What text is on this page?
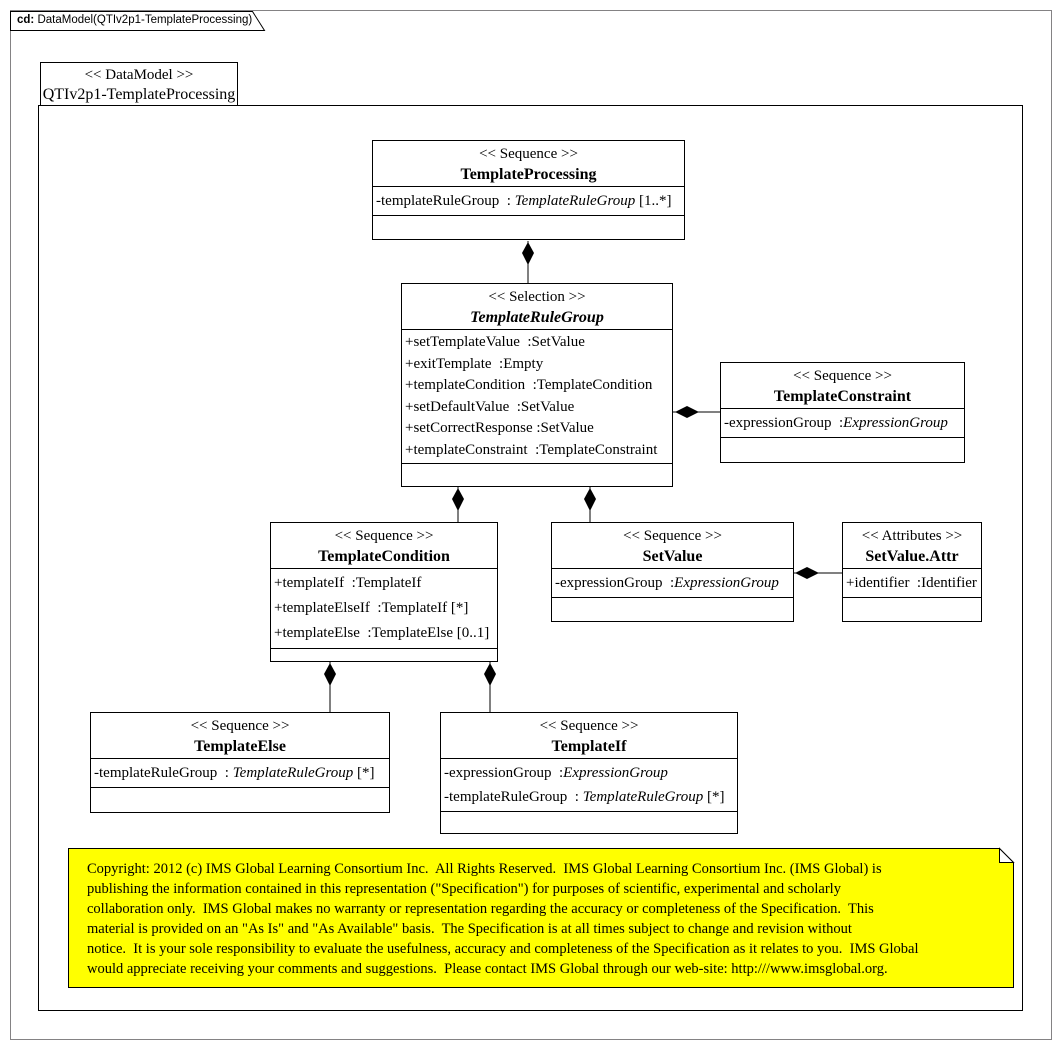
cd: DataModel(QTIv2p1-TemplateProcessing)
<< DataModel >>
QTIv2p1-TemplateProcessing
<< Sequence >>
TemplateProcessing
-templateRuleGroup  : TemplateRuleGroup [1..*]
<< Selection >>
TemplateRuleGroup
+setTemplateValue  :SetValue
+exitTemplate  :Empty
+templateCondition  :TemplateCondition
+setDefaultValue  :SetValue
+setCorrectResponse :SetValue
+templateConstraint  :TemplateConstraint
<< Sequence >>
TemplateConstraint
-expressionGroup  :ExpressionGroup
<< Sequence >>
TemplateCondition
+templateIf  :TemplateIf
+templateElseIf  :TemplateIf [*]
+templateElse  :TemplateElse [0..1]
<< Sequence >>
SetValue
-expressionGroup  :ExpressionGroup
<< Attributes >>
SetValue.Attr
+identifier  :Identifier
<< Sequence >>
TemplateElse
-templateRuleGroup  : TemplateRuleGroup [*]
<< Sequence >>
TemplateIf
-expressionGroup  :ExpressionGroup
-templateRuleGroup  : TemplateRuleGroup [*]
Copyright: 2012 (c) IMS Global Learning Consortium Inc.  All Rights Reserved.  IMS Global Learning Consortium Inc. (IMS Global) is
publishing the information contained in this representation ("Specification") for purposes of scientific, experimental and scholarly
collaboration only.  IMS Global makes no warranty or representation regarding the accuracy or completeness of the Specification.  This
material is provided on an "As Is" and "As Available" basis.  The Specification is at all times subject to change and revision without
notice.  It is your sole responsibility to evaluate the usefulness, accuracy and completeness of the Specification as it relates to you.  IMS Global
would appreciate receiving your comments and suggestions.  Please contact IMS Global through our web-site: http:///www.imsglobal.org.
